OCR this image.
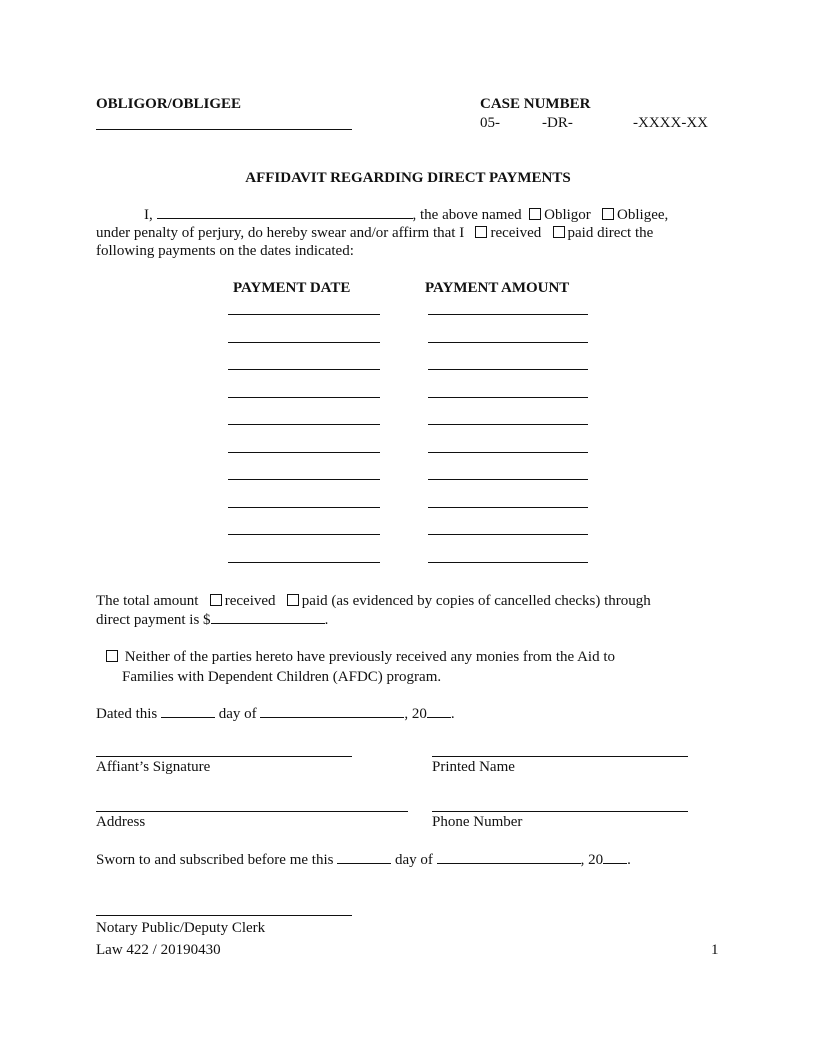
OBLIGOR/OBLIGEE	CASE NUMBER
05-	-DR-	-XXXX-XX
AFFIDAVIT REGARDING DIRECT PAYMENTS
I,	, the above named Obligor Obligee,
under penalty of perjury, do hereby swear and/or affirm that I received paid direct the
following payments on the dates indicated:
PAYMENT DATE	PAYMENT AMOUNT
The total amount received paid (as evidenced by copies of cancelled checks) through
direct payment is $	.
Neither of the parties hereto have previously received any monies from the Aid to
Families with Dependent Children (AFDC) program.
Dated this	day of	, 20 .
Affiant’s Signature	Printed Name
Address	Phone Number
Sworn to and subscribed before me this	day of	, 20 .
Notary Public/Deputy Clerk
Law 422 / 20190430	1
